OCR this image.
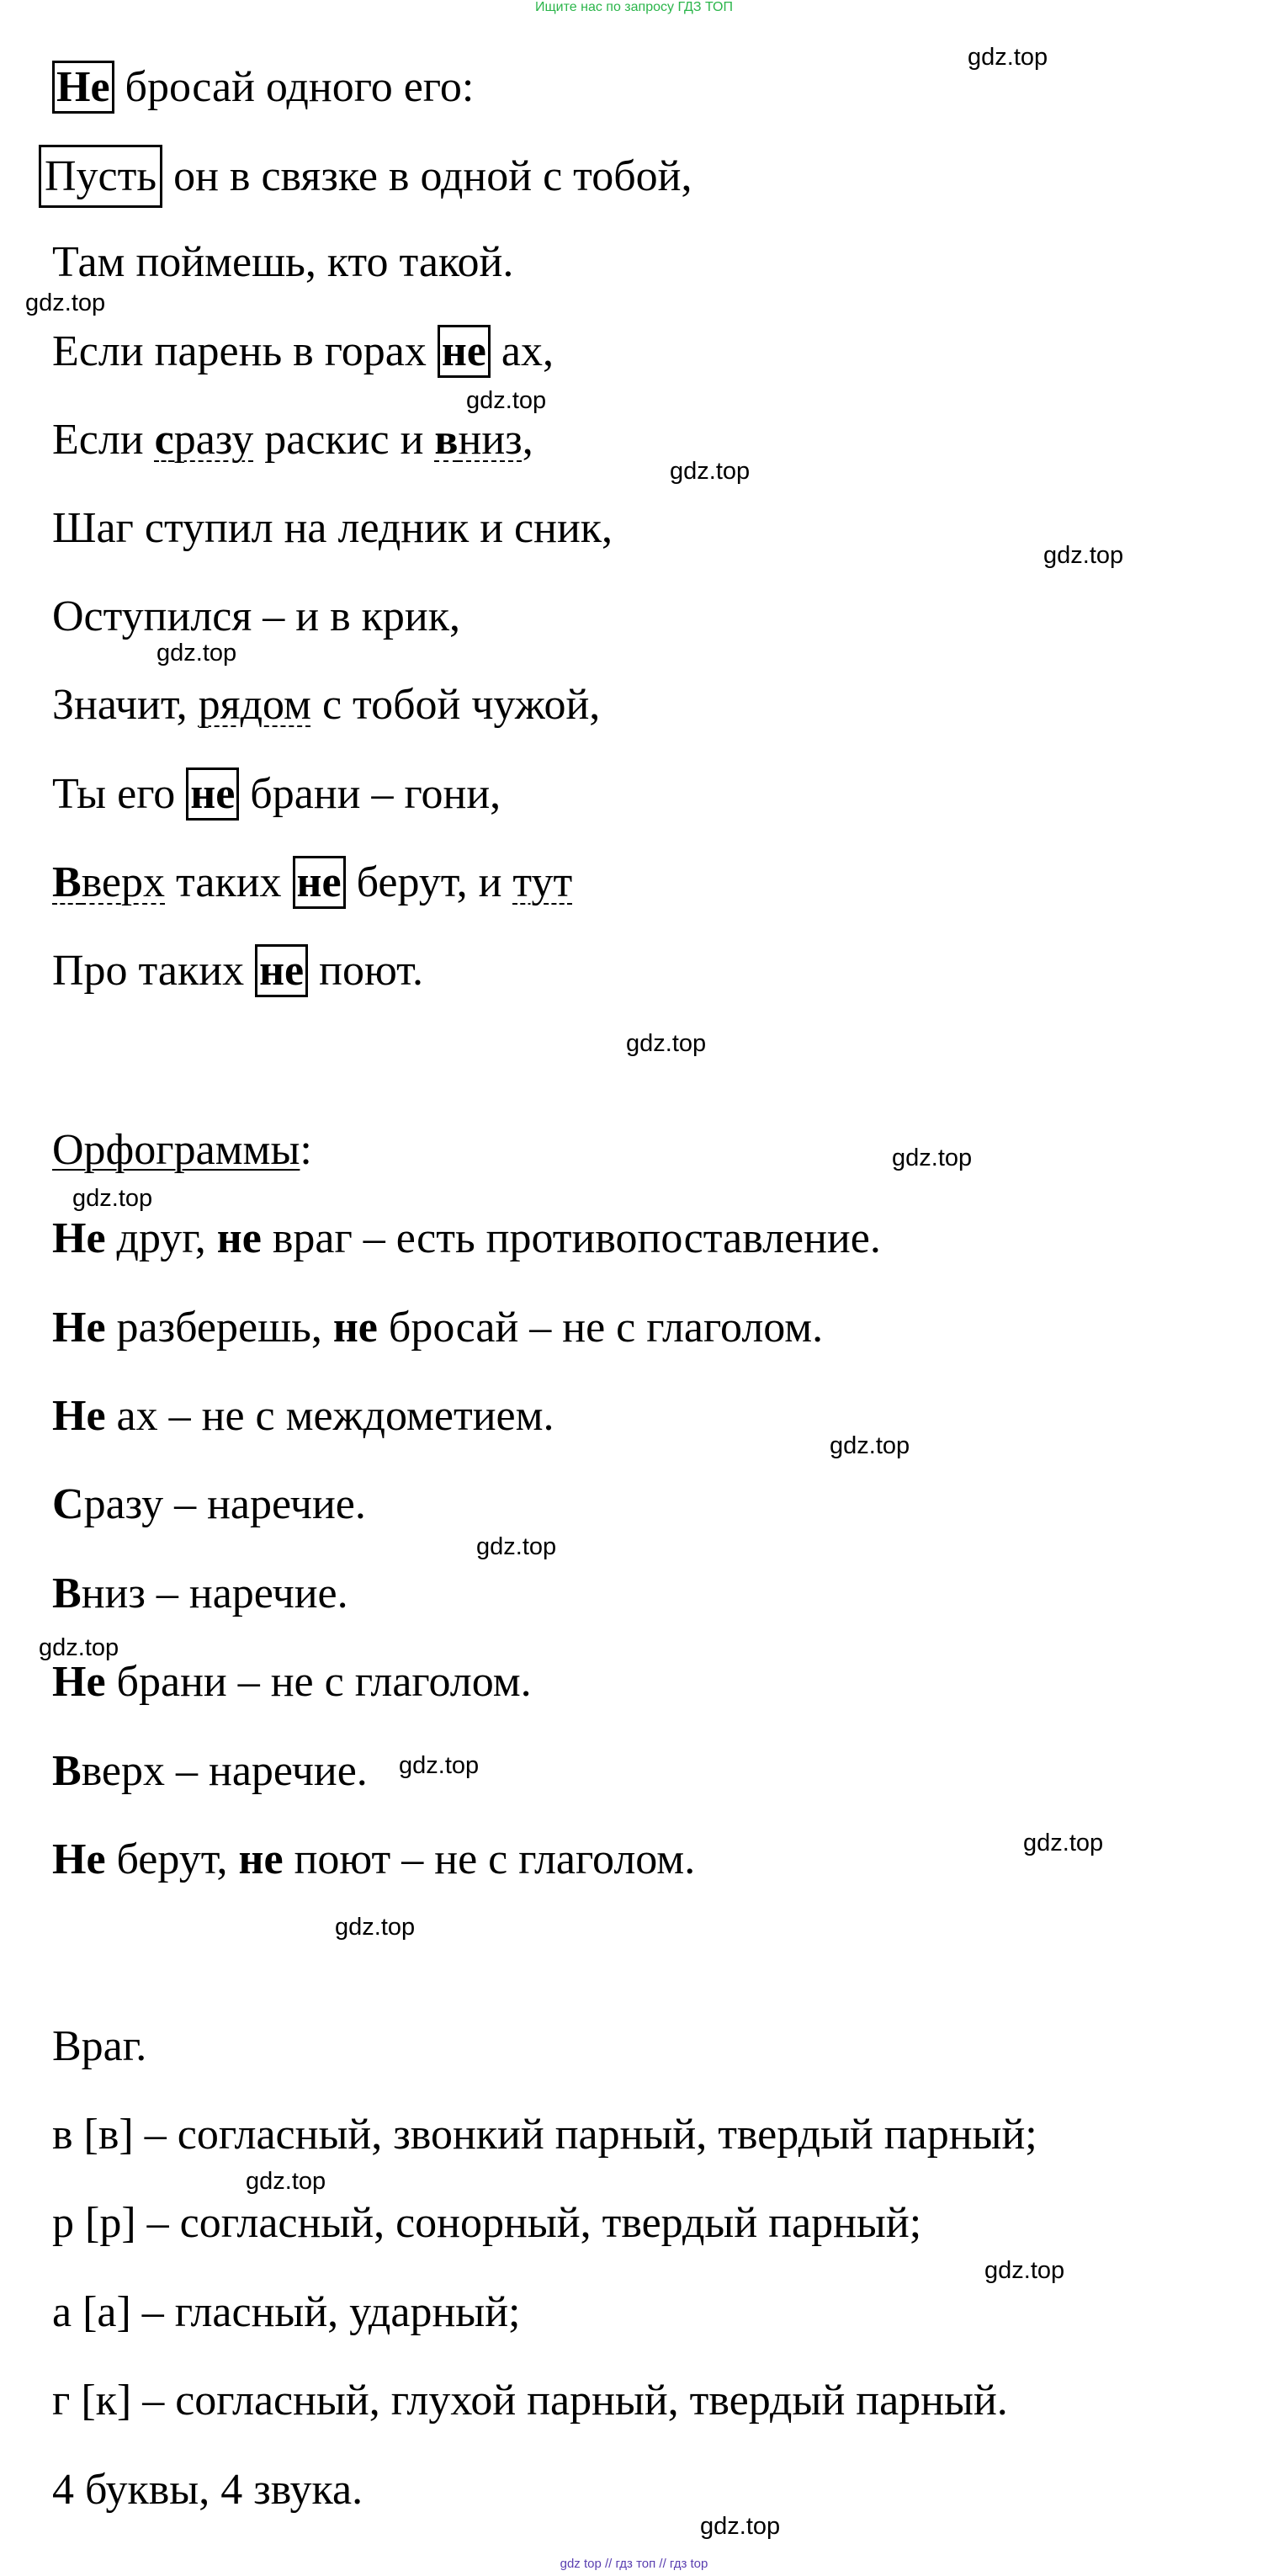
Ищите нас по запросу ГДЗ ТОП
Не бросай одного его:
Пусть он в связке в одной с тобой,
Там поймешь, кто такой.
Если парень в горах не ах,
Если сразу раскис и вниз,
Шаг ступил на ледник и сник,
Оступился – и в крик,
Значит, рядом с тобой чужой,
Ты его не брани – гони,
Вверх таких не берут, и тут
Про таких не поют.
Орфограммы:
Не друг, не враг – есть противопоставление.
Не разберешь, не бросай – не с глаголом.
Не ах – не с междометием.
Сразу – наречие.
Вниз – наречие.
Не брани – не с глаголом.
Вверх – наречие.
Не берут, не поют – не с глаголом.
Враг.
в [в] – согласный, звонкий парный, твердый парный;
р [р] – согласный, сонорный, твердый парный;
а [а] – гласный, ударный;
г [к] – согласный, глухой парный, твердый парный.
4 буквы, 4 звука.
gdz.top
gdz.top
gdz.top
gdz.top
gdz.top
gdz.top
gdz.top
gdz.top
gdz.top
gdz.top
gdz.top
gdz.top
gdz.top
gdz.top
gdz.top
gdz.top
gdz.top
gdz.top
gdz top // гдз топ // гдз top
